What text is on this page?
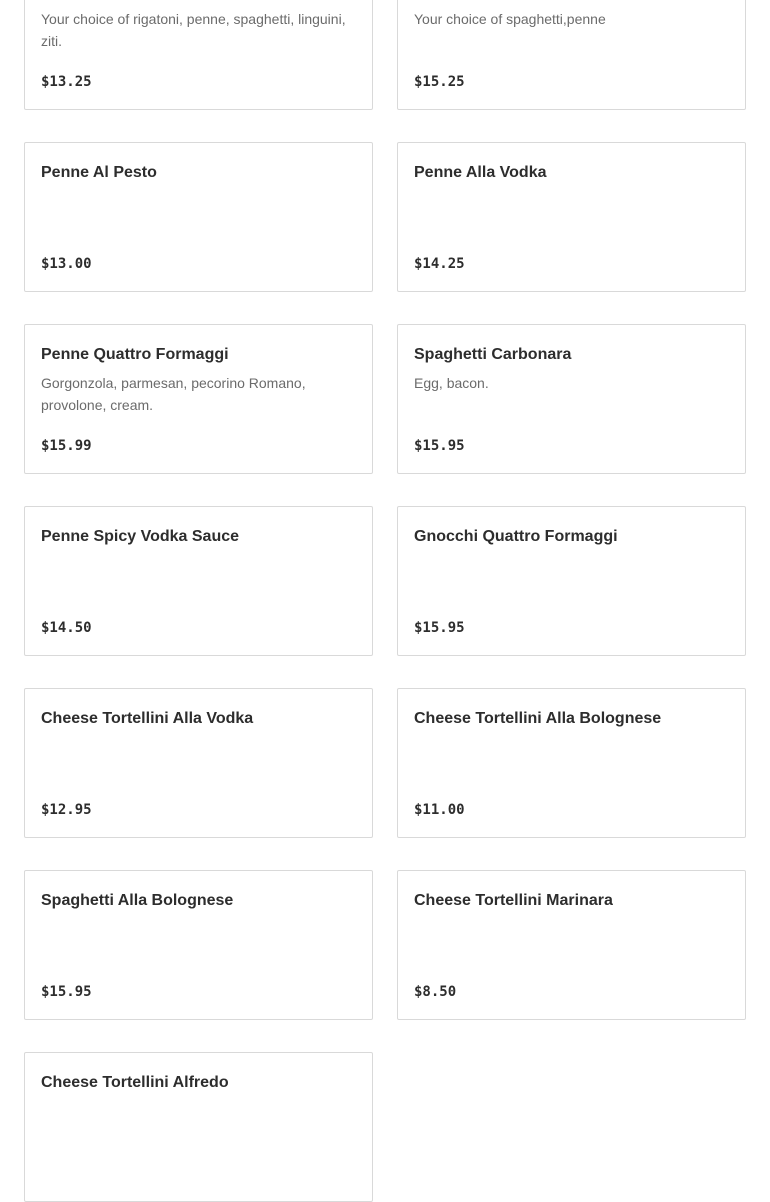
Your choice of rigatoni, penne, spaghetti, linguini, ziti.
$13.25
Your choice of spaghetti,penne
$15.25
Penne Al Pesto
$13.00
Penne Alla Vodka
$14.25
Penne Quattro Formaggi
Gorgonzola, parmesan, pecorino Romano, provolone, cream.
$15.99
Spaghetti Carbonara
Egg, bacon.
$15.95
Penne Spicy Vodka Sauce
$14.50
Gnocchi Quattro Formaggi
$15.95
Cheese Tortellini Alla Vodka
$12.95
Cheese Tortellini Alla Bolognese
$11.00
Spaghetti Alla Bolognese
$15.95
Cheese Tortellini Marinara
$8.50
Cheese Tortellini Alfredo
